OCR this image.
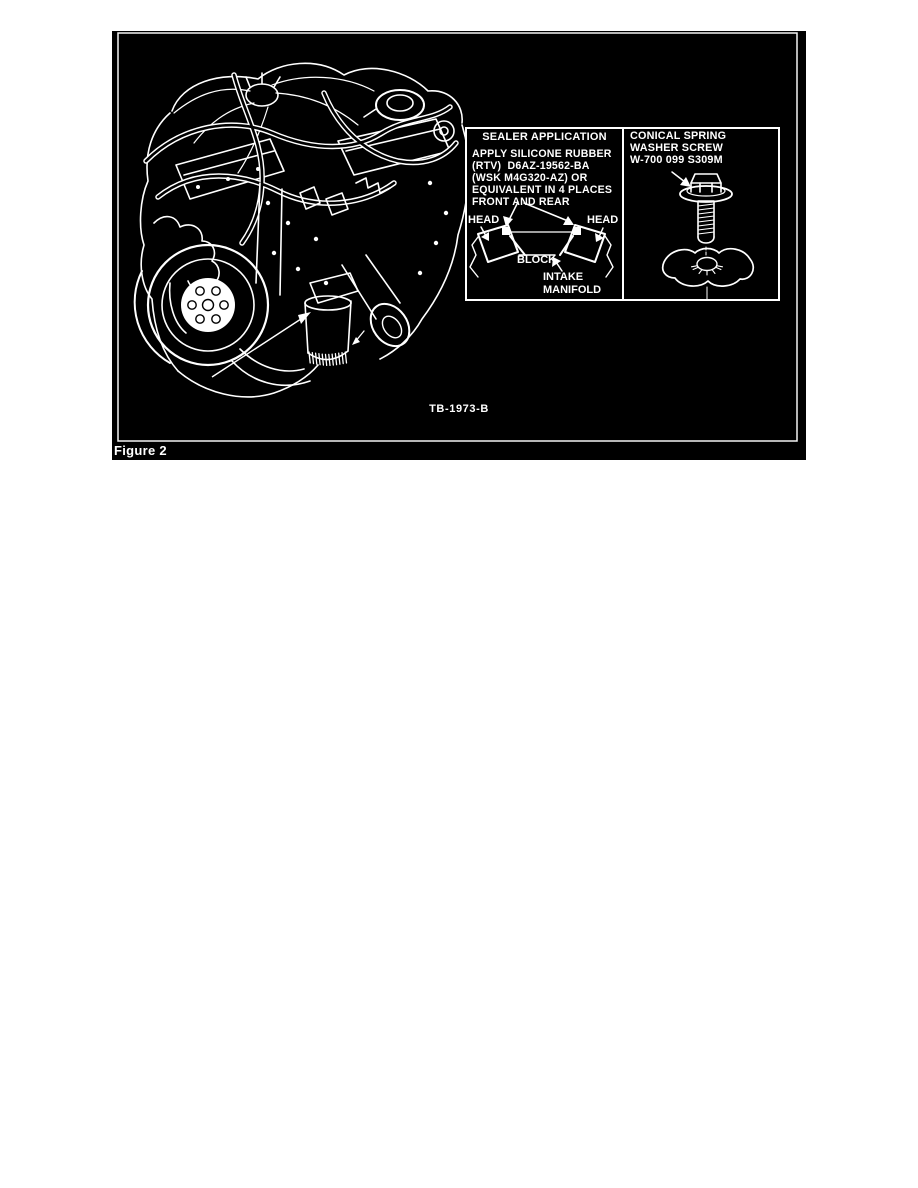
SEALER APPLICATION
APPLY SILICONE RUBBER
(RTV)  D6AZ-19562-BA
(WSK M4G320-AZ) OR
EQUIVALENT IN 4 PLACES
FRONT AND REAR
HEAD	HEAD
BLOCK
INTAKE MANIFOLD
CONICAL SPRING
WASHER SCREW
W-700 099 S309M
TB-1973-B
Figure 2
